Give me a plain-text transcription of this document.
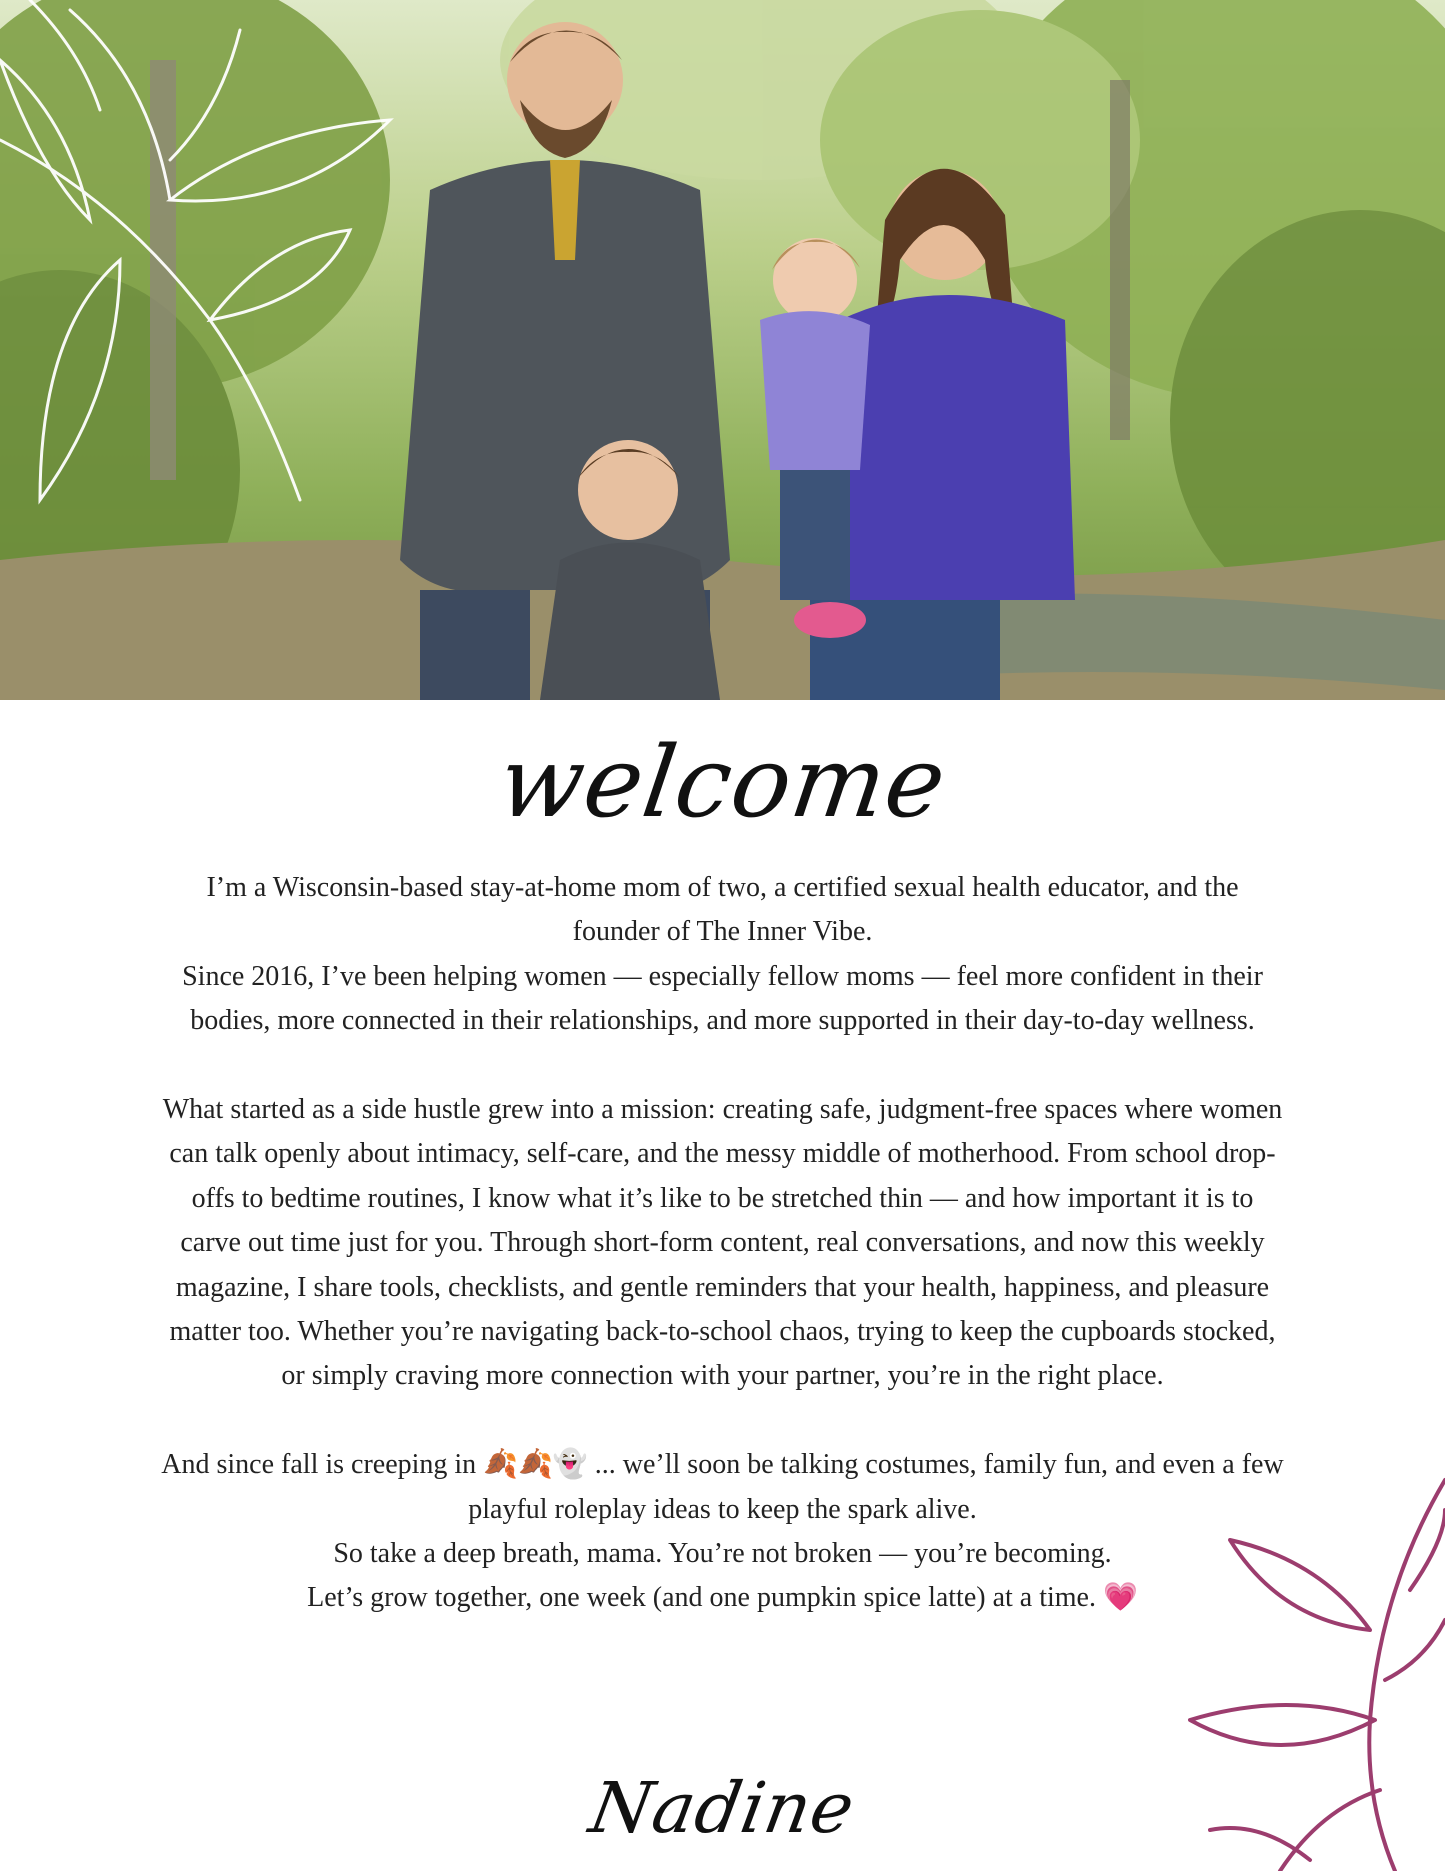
welcome

I’m a Wisconsin-based stay-at-home mom of two, a certified sexual health educator, and the founder of The Inner Vibe.

Since 2016, I’ve been helping women — especially fellow moms — feel more confident in their bodies, more connected in their relationships, and more supported in their day-to-day wellness.

What started as a side hustle grew into a mission: creating safe, judgment-free spaces where women can talk openly about intimacy, self-care, and the messy middle of motherhood. From school drop-offs to bedtime routines, I know what it’s like to be stretched thin — and how important it is to carve out time just for you. Through short-form content, real conversations, and now this weekly magazine, I share tools, checklists, and gentle reminders that your health, happiness, and pleasure matter too. Whether you’re navigating back-to-school chaos, trying to keep the cupboards stocked, or simply craving more connection with your partner, you’re in the right place.

And since fall is creeping in 🍂🍂👻 ... we’ll soon be talking costumes, family fun, and even a few playful roleplay ideas to keep the spark alive.

So take a deep breath, mama. You’re not broken — you’re becoming.

Let’s grow together, one week (and one pumpkin spice latte) at a time. 💗

Nadine
